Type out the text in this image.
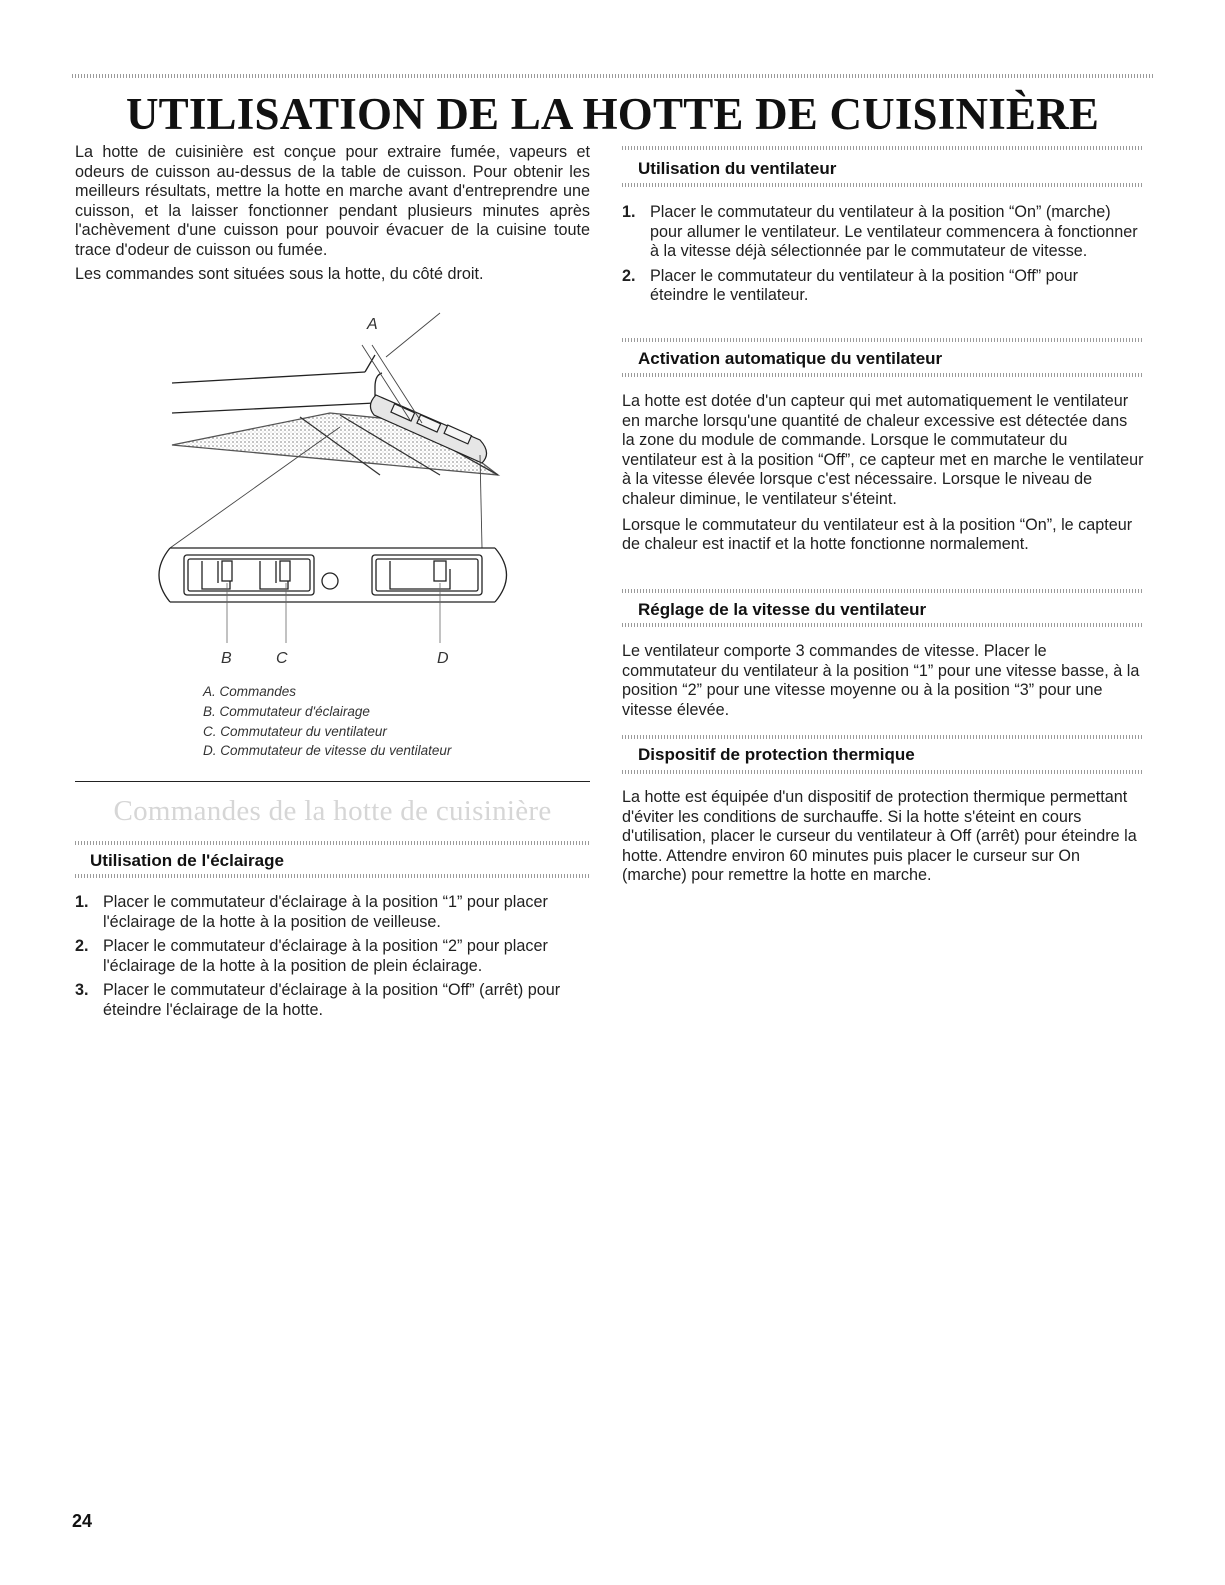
UTILISATION DE LA HOTTE DE CUISINIÈRE

La hotte de cuisinière est conçue pour extraire fumée, vapeurs et odeurs de cuisson au-dessus de la table de cuisson. Pour obtenir les meilleurs résultats, mettre la hotte en marche avant d'entreprendre une cuisson, et la laisser fonctionner pendant plusieurs minutes après l'achèvement d'une cuisson pour pouvoir évacuer de la cuisine toute trace d'odeur de cuisson ou fumée.

Les commandes sont situées sous la hotte, du côté droit.

A
B	C	D

A. Commandes

B. Commutateur d'éclairage

C. Commutateur du ventilateur

D. Commutateur de vitesse du ventilateur

Commandes de la hotte de cuisinière
Utilisation de l'éclairage
1. Placer le commutateur d'éclairage à la position “1” pour placer l'éclairage de la hotte à la position de veilleuse.
2. Placer le commutateur d'éclairage à la position “2” pour placer l'éclairage de la hotte à la position de plein éclairage.
3. Placer le commutateur d'éclairage à la position “Off” (arrêt) pour éteindre l'éclairage de la hotte.
Utilisation du ventilateur
1. Placer le commutateur du ventilateur à la position “On” (marche) pour allumer le ventilateur. Le ventilateur commencera à fonctionner à la vitesse déjà sélectionnée par le commutateur de vitesse.
2. Placer le commutateur du ventilateur à la position “Off” pour éteindre le ventilateur.
Activation automatique du ventilateur

La hotte est dotée d'un capteur qui met automatiquement le ventilateur en marche lorsqu'une quantité de chaleur excessive est détectée dans la zone du module de commande. Lorsque le commutateur du ventilateur est à la position “Off”, ce capteur met en marche le ventilateur à la vitesse élevée lorsque c'est nécessaire. Lorsque le niveau de chaleur diminue, le ventilateur s'éteint.

Lorsque le commutateur du ventilateur est à la position “On”, le capteur de chaleur est inactif et la hotte fonctionne normalement.

Réglage de la vitesse du ventilateur

Le ventilateur comporte 3 commandes de vitesse. Placer le commutateur du ventilateur à la position “1” pour une vitesse basse, à la position “2” pour une vitesse moyenne ou à la position “3” pour une vitesse élevée.

Dispositif de protection thermique

La hotte est équipée d'un dispositif de protection thermique permettant d'éviter les conditions de surchauffe. Si la hotte s'éteint en cours d'utilisation, placer le curseur du ventilateur à Off (arrêt) pour éteindre la hotte. Attendre environ 60 minutes puis placer le curseur sur On (marche) pour remettre la hotte en marche.

24
